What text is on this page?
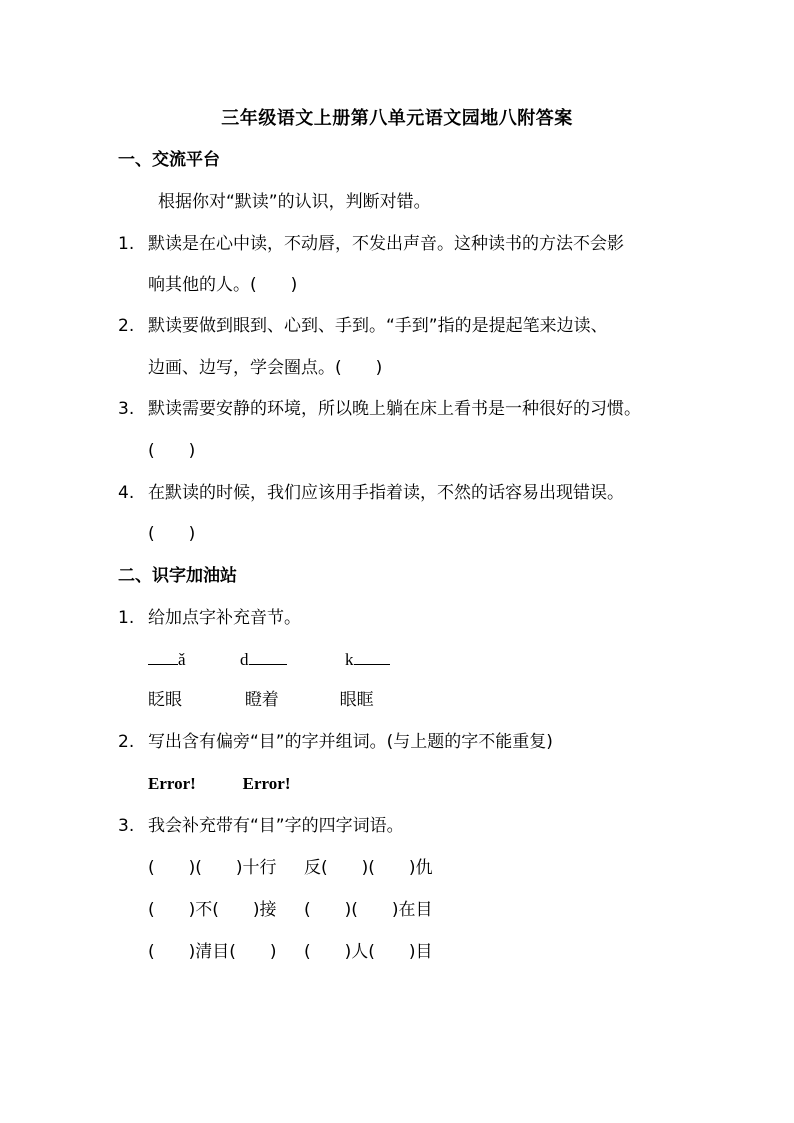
三年级语文上册第八单元语文园地八附答案
一、交流平台
根据你对“默读”的认识，判断对错。
1. 默读是在心中读，不动唇，不发出声音。这种读书的方法不会影
响其他的人。(　　)
2. 默读要做到眼到、心到、手到。“手到”指的是提起笔来边读、
边画、边写，学会圈点。(　　)
3. 默读需要安静的环境，所以晚上躺在床上看书是一种很好的习惯。
(　　)
4. 在默读的时候，我们应该用手指着读，不然的话容易出现错误。
(　　)
二、识字加油站
1. 给加点字补充音节。
ǎ	d	k
眨眼	瞪着	眼眶
2. 写出含有偏旁“目”的字并组词。(与上题的字不能重复)
Error!	Error!
3. 我会补充带有“目”字的四字词语。
(　　)(　　)十行 反(　　)(　　)仇
(　　)不(　　)接 (　　)(　　)在目
(　　)清目(　　) (　　)人(　　)目
